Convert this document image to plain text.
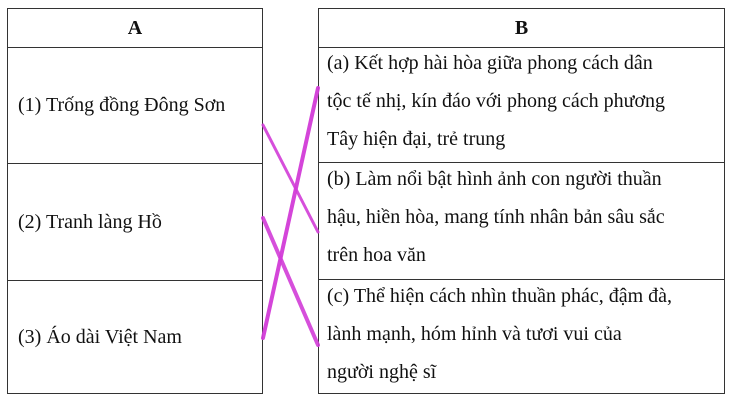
A
(1) Trống đồng Đông Sơn
(2) Tranh làng Hồ
(3) Áo dài Việt Nam
B
(a) Kết hợp hài hòa giữa phong cách dân
tộc tế nhị, kín đáo với phong cách phương
Tây hiện đại, trẻ trung
(b) Làm nổi bật hình ảnh con người thuần
hậu, hiền hòa, mang tính nhân bản sâu sắc
trên hoa văn
(c) Thể hiện cách nhìn thuần phác, đậm đà,
lành mạnh, hóm hỉnh và tươi vui của
người nghệ sĩ
